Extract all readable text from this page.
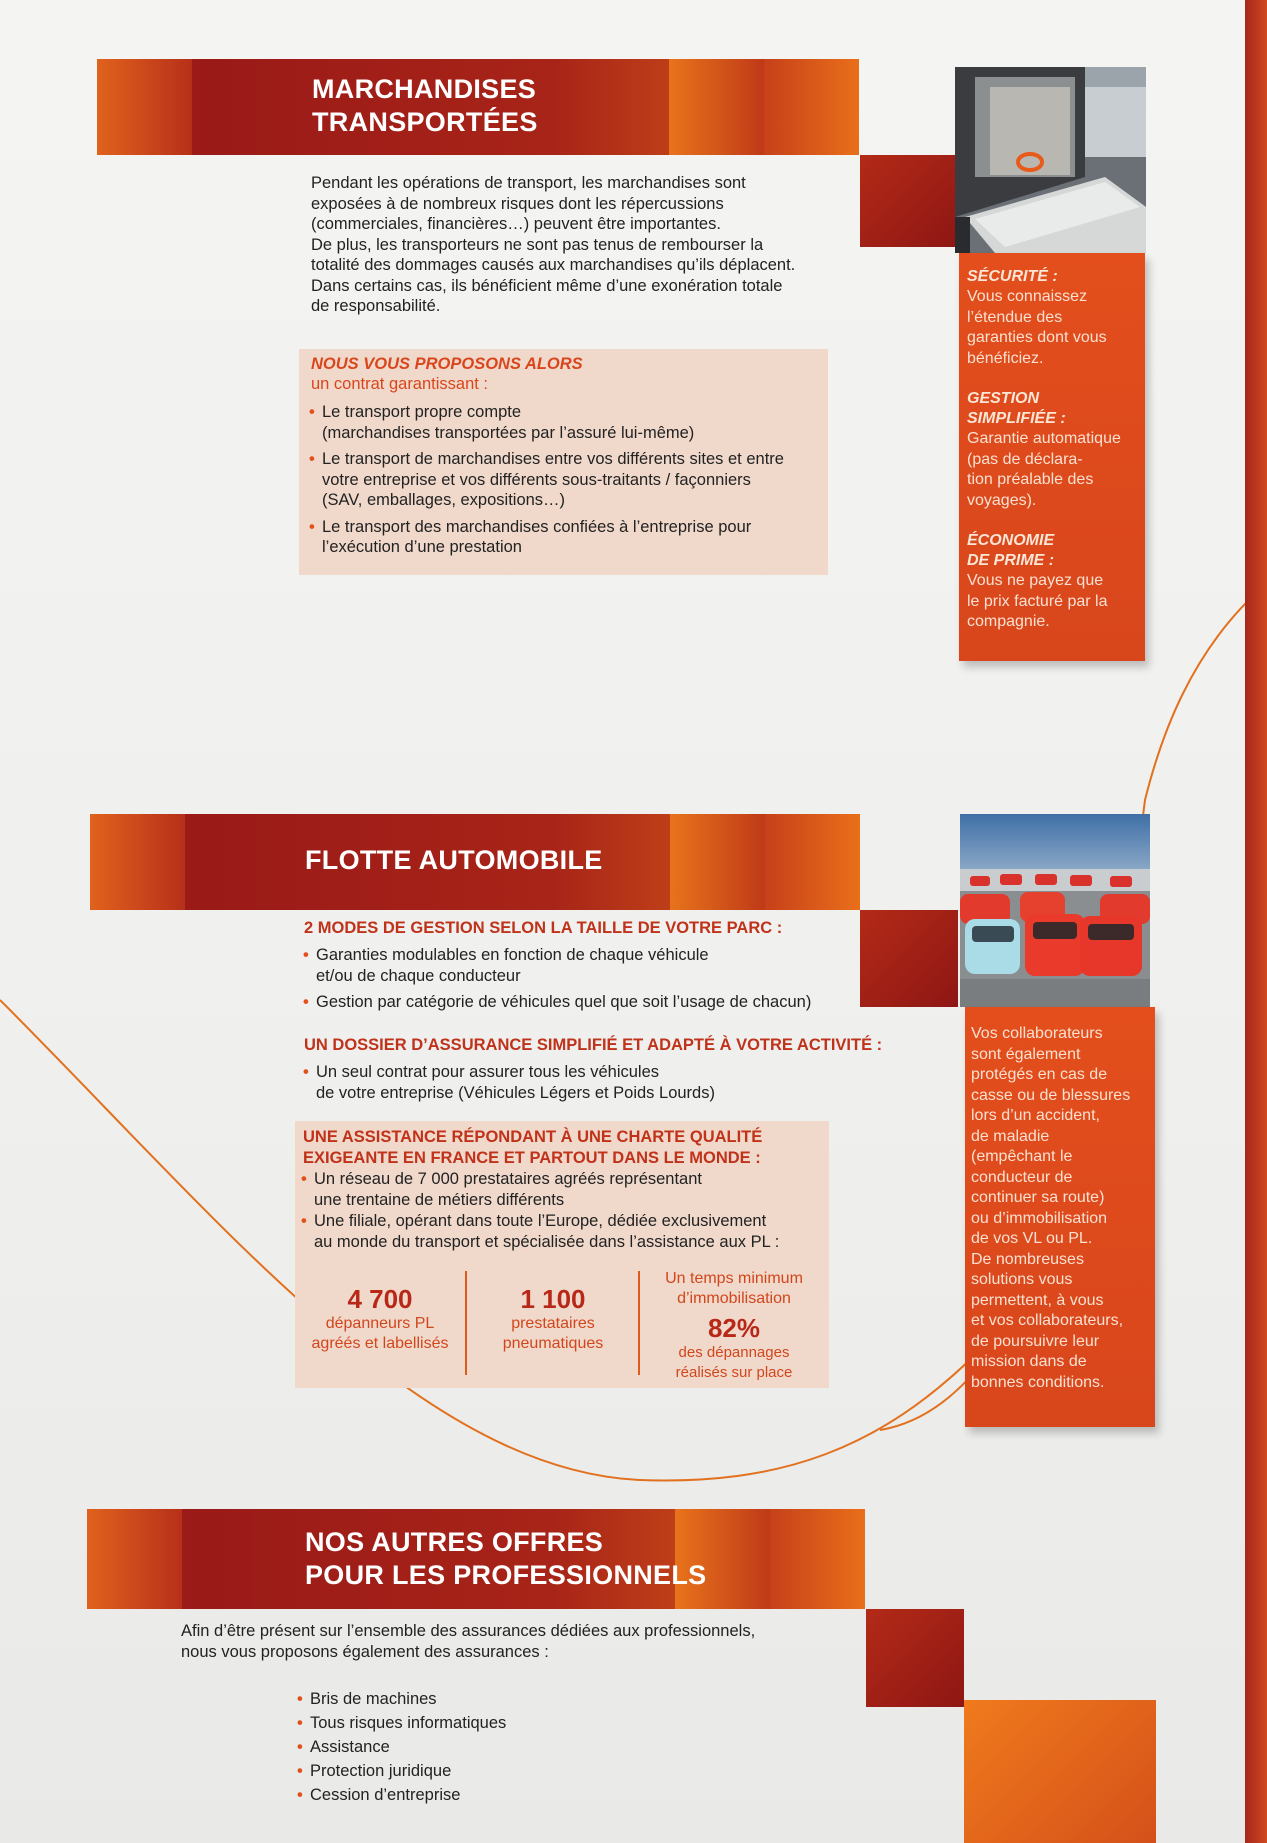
MARCHANDISES
TRANSPORTÉES
Pendant les opérations de transport, les marchandises sont
exposées à de nombreux risques dont les répercussions
(commerciales, financières…) peuvent être importantes.
De plus, les transporteurs ne sont pas tenus de rembourser la
totalité des dommages causés aux marchandises qu’ils déplacent.
Dans certains cas, ils bénéficient même d’une exonération totale
de responsabilité.
NOUS VOUS PROPOSONS ALORS
un contrat garantissant :
• Le transport propre compte
(marchandises transportées par l’assuré lui-même)
• Le transport de marchandises entre vos différents sites et entre
votre entreprise et vos différents sous-traitants / façonniers
(SAV, emballages, expositions…)
• Le transport des marchandises confiées à l’entreprise pour
l’exécution d’une prestation
SÉCURITÉ :
Vous connaissez
l’étendue des
garanties dont vous
bénéficiez.
GESTION
SIMPLIFIÉE :
Garantie automatique
(pas de déclara-
tion préalable des
voyages).
ÉCONOMIE
DE PRIME :
Vous ne payez que
le prix facturé par la
compagnie.
FLOTTE AUTOMOBILE
2 MODES DE GESTION SELON LA TAILLE DE VOTRE PARC :
• Garanties modulables en fonction de chaque véhicule
et/ou de chaque conducteur
• Gestion par catégorie de véhicules quel que soit l’usage de chacun)
UN DOSSIER D’ASSURANCE SIMPLIFIÉ ET ADAPTÉ À VOTRE ACTIVITÉ :
• Un seul contrat pour assurer tous les véhicules
de votre entreprise (Véhicules Légers et Poids Lourds)
UNE ASSISTANCE RÉPONDANT À UNE CHARTE QUALITÉ
EXIGEANTE EN FRANCE ET PARTOUT DANS LE MONDE :
• Un réseau de 7 000 prestataires agréés représentant
une trentaine de métiers différents
• Une filiale, opérant dans toute l’Europe, dédiée exclusivement
au monde du transport et spécialisée dans l’assistance aux PL :
4 700
dépanneurs PL
agréés et labellisés
1 100
prestataires
pneumatiques
Un temps minimum
d’immobilisation
82%
des dépannages
réalisés sur place
Vos collaborateurs
sont également
protégés en cas de
casse ou de blessures
lors d’un accident,
de maladie
(empêchant le
conducteur de
continuer sa route)
ou d’immobilisation
de vos VL ou PL.
De nombreuses
solutions vous
permettent, à vous
et vos collaborateurs,
de poursuivre leur
mission dans de
bonnes conditions.
NOS AUTRES OFFRES
POUR LES PROFESSIONNELS
Afin d’être présent sur l’ensemble des assurances dédiées aux professionnels,
nous vous proposons également des assurances :
• Bris de machines
• Tous risques informatiques
• Assistance
• Protection juridique
• Cession d’entreprise
